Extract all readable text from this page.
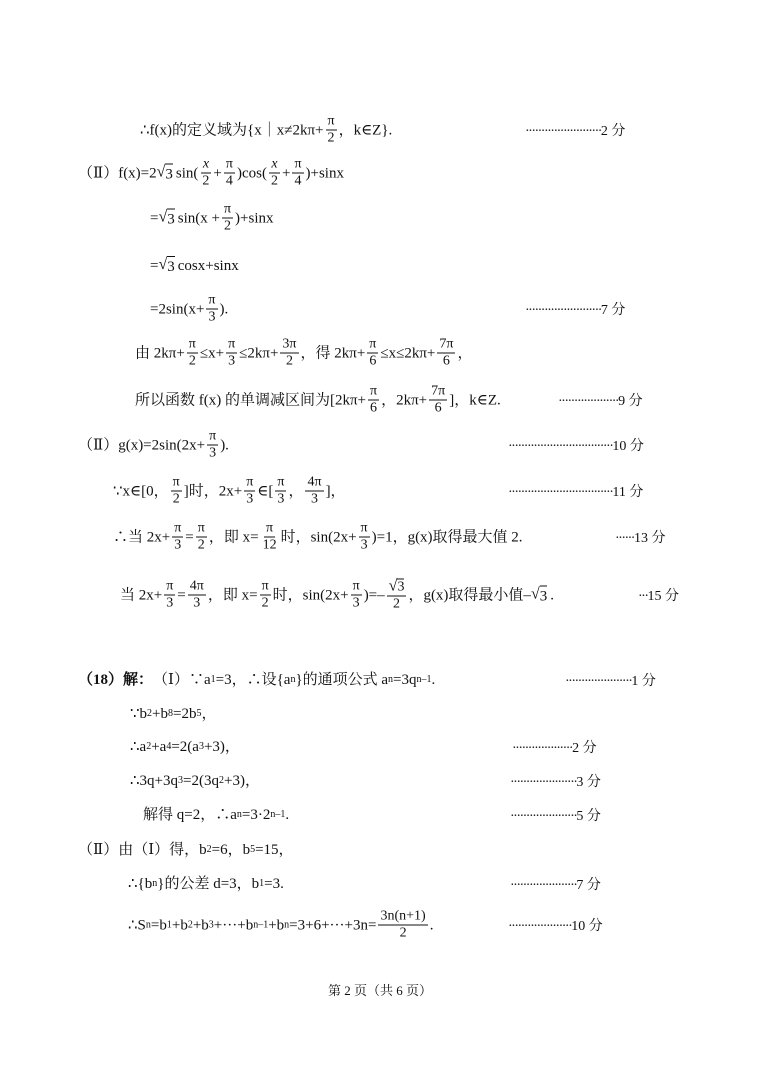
∴f(x)的定义域为{x｜x≠2kπ+ $\frac{\pi}{2}$ ，k∈Z}.	························2 分
（Ⅱ）f(x)=2 √ 3 $\sin( \frac{x}{2} + \frac{\pi}{4} )\cos( \frac{x}{2} + \frac{\pi}{4} )+\sin x$
= √ 3 $\sin(x + \frac{\pi}{2} )+\sin x$
= √ 3 cosx+sinx
$=2\sin(x+ \frac{\pi}{3}$ ).	························7 分
由 $2k\pi+ \frac{\pi}{2} \le x+ \frac{\pi}{3} \le 2k\pi+ \frac{3\pi}{2}$ ，得 $2k\pi+ \frac{\pi}{6} \le x\le 2k\pi+ \frac{7\pi}{6}$ ，
所以函数 f(x) 的单调减区间为[$2k\pi+ \frac{\pi}{6}$ ，$2k\pi+ \frac{7\pi}{6}$ ]，k∈Z.	···················9 分
（Ⅱ）g(x)=2sin(2x+ $\frac{\pi}{3}$ ).	·································10 分
∵x∈[0， $\frac{\pi}{2}$ ]时，$2x+ \frac{\pi}{3}$ ∈[ $\frac{\pi}{3}$ ， $\frac{4\pi}{3}$ ]，	·································11 分
∴当 $2x+ \frac{\pi}{3} = \frac{\pi}{2}$ ，即 $x= \frac{\pi}{12}$ 时，$\sin(2x+ \frac{\pi}{3} )=1$，g(x)取得最大值 2.	······13 分
当 $2x+ \frac{\pi}{3} = \frac{4\pi}{3}$ ，即 $x= \frac{\pi}{2}$ 时，$\sin(2x+ \frac{\pi}{3}$ )=– $\frac{√ 3}{2}$ ，g(x)取得最小值– √ 3 .	···15 分
（18）解： （Ⅰ）∵a 1 =3，∴设{a n }的通项公式 a n =3q n–1 .	·····················1 分
∵b 2 +b 8 =2b 5 ，
∴a 2 +a 4 =2(a 3 +3)，	···················2 分
∴3q+3q 3 =2(3q 2 +3)，	·····················3 分
解得 q=2，∴a n =3·2 n–1 .	·····················5 分
（Ⅱ）由（Ⅰ）得，b 2 =6，b 5 =15，
∴{b n }的公差 d=3，b 1 =3.	·····················7 分
∴S n =b 1 +b 2 +b 3 +···+b n–1 +b $n =3+6+\cdot\cdot\cdot+3n= \frac{3n(n+1)}{2}$ .	····················10 分
第 2 页（共 6 页）
